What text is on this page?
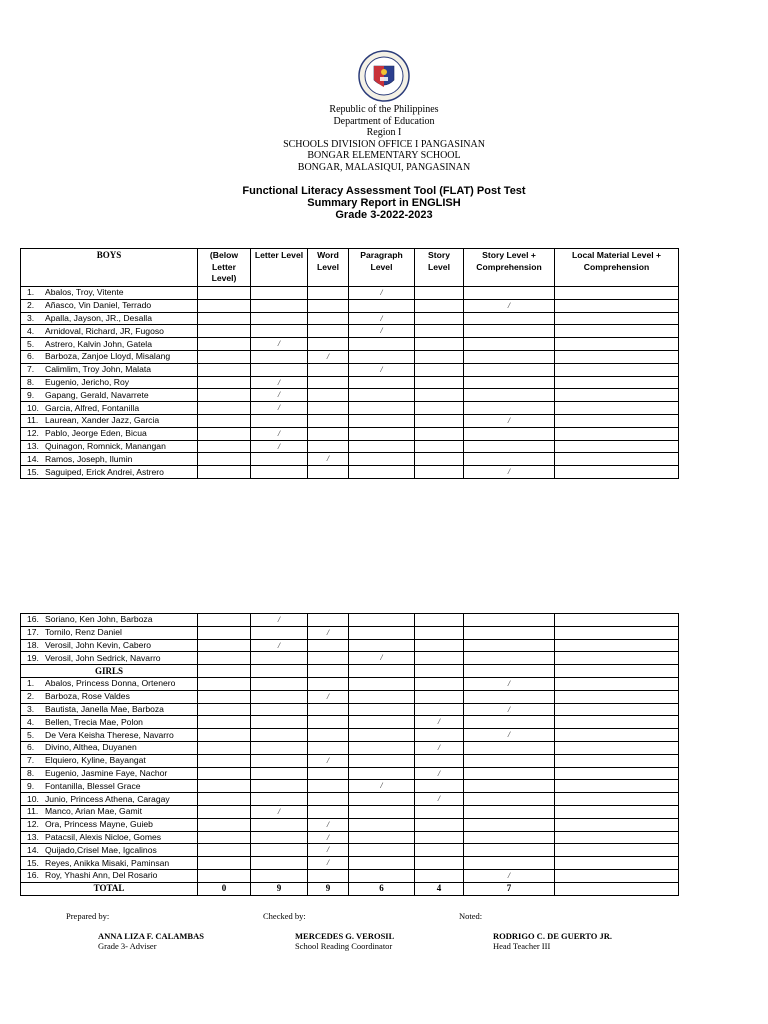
Republic of the Philippines
Department of Education
Region I
SCHOOLS DIVISION OFFICE I PANGASINAN
BONGAR ELEMENTARY SCHOOL
BONGAR, MALASIQUI, PANGASINAN
Functional Literacy Assessment Tool (FLAT) Post Test
Summary Report in ENGLISH
Grade 3-2022-2023
BOYS	(Below Letter Level)	Letter Level	Word Level	Paragraph Level	Story Level	Story Level + Comprehension	Local Material Level + Comprehension
1. Abalos, Troy, Vitente				/			
2. Añasco, Vin Daniel, Terrado						/	
3. Apalla, Jayson, JR., Desalla				/			
4. Arnidoval, Richard, JR, Fugoso				/			
5. Astrero, Kalvin John, Gatela		/					
6. Barboza, Zanjoe Lloyd, Misalang			/				
7. Calimlim, Troy John, Malata				/			
8. Eugenio, Jericho, Roy		/					
9. Gapang, Gerald, Navarrete		/					
10. Garcia, Alfred, Fontanilla		/					
11. Laurean, Xander Jazz, Garcia						/	
12. Pablo, Jeorge Eden, Bicua		/					
13. Quinagon, Romnick, Manangan		/					
14. Ramos, Joseph, Ilumin			/				
15. Saguiped, Erick Andrei, Astrero						/	
16. Soriano, Ken John, Barboza		/					
17. Tornilo, Renz Daniel			/				
18. Verosil, John Kevin, Cabero		/					
19. Verosil, John Sedrick, Navarro				/			
GIRLS							
1. Abalos, Princess Donna, Ortenero						/	
2. Barboza, Rose Valdes			/				
3. Bautista, Janella Mae, Barboza						/	
4. Bellen, Trecia Mae, Polon					/		
5. De Vera Keisha Therese, Navarro						/	
6. Divino, Althea, Duyanen					/		
7. Elquiero, Kyline, Bayangat			/				
8. Eugenio, Jasmine Faye, Nachor					/		
9. Fontanilla, Blessel Grace				/			
10. Junio, Princess Athena, Caragay					/		
11. Manco, Arian Mae, Gamit		/					
12. Ora, Princess Mayne, Guieb			/				
13. Patacsil, Alexis Nicloe, Gomes			/				
14. Quijado,Crisel Mae, Igcalinos			/				
15. Reyes, Anikka Misaki, Paminsan			/				
16. Roy, Yhashi Ann, Del Rosario						/	
TOTAL	0	9	9	6	4	7	
Prepared by:
ANNA LIZA F. CALAMBAS
Grade 3- Adviser
Checked by:
MERCEDES G. VEROSIL
School Reading Coordinator
Noted:
RODRIGO C. DE GUERTO JR.
Head Teacher III
